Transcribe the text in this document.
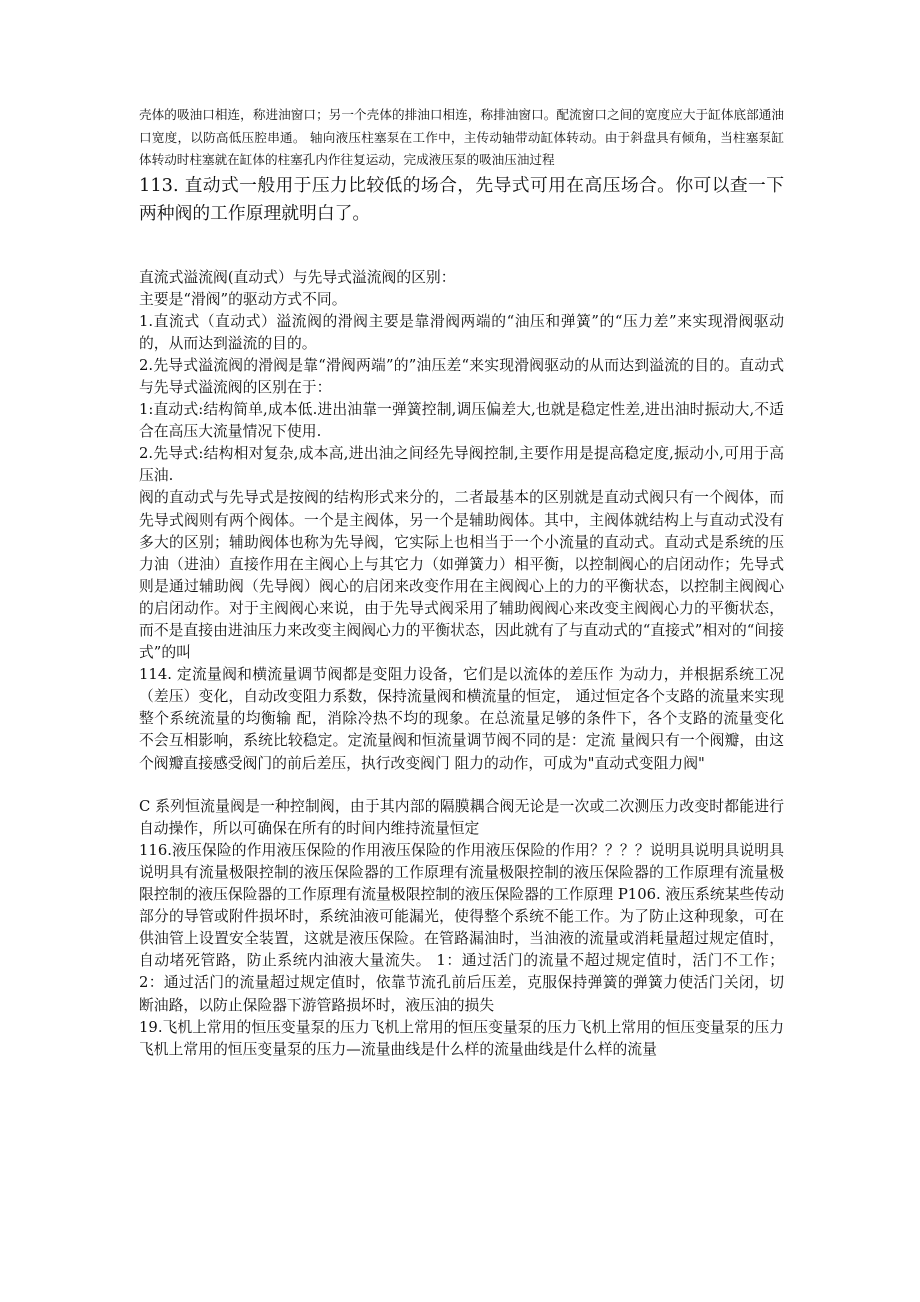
壳体的吸油口相连，称进油窗口；另一个壳体的排油口相连，称排油窗口。配流窗口之间的宽度应大于缸体底部通油口宽度，以防高低压腔串通。 轴向液压柱塞泵在工作中，主传动轴带动缸体转动。由于斜盘具有倾角，当柱塞泵缸体转动时柱塞就在缸体的柱塞孔内作往复运动，完成液压泵的吸油压油过程

113. 直动式一般用于压力比较低的场合，先导式可用在高压场合。你可以查一下两种阀的工作原理就明白了。

直流式溢流阀(直动式）与先导式溢流阀的区别：

主要是“滑阀”的驱动方式不同。

1.直流式（直动式）溢流阀的滑阀主要是靠滑阀两端的“油压和弹簧”的“压力差”来实现滑阀驱动的，从而达到溢流的目的。

2.先导式溢流阀的滑阀是靠“滑阀两端”的”油压差“来实现滑阀驱动的从而达到溢流的目的。直动式与先导式溢流阀的区别在于：

1:直动式:结构简单,成本低.进出油靠一弹簧控制,调压偏差大,也就是稳定性差,进出油时振动大,不适合在高压大流量情况下使用.

2.先导式:结构相对复杂,成本高,进出油之间经先导阀控制,主要作用是提高稳定度,振动小,可用于高压油.

阀的直动式与先导式是按阀的结构形式来分的，二者最基本的区别就是直动式阀只有一个阀体，而先导式阀则有两个阀体。一个是主阀体，另一个是辅助阀体。其中，主阀体就结构上与直动式没有多大的区别；辅助阀体也称为先导阀，它实际上也相当于一个小流量的直动式。直动式是系统的压力油（进油）直接作用在主阀心上与其它力（如弹簧力）相平衡，以控制阀心的启闭动作；先导式则是通过辅助阀（先导阀）阀心的启闭来改变作用在主阀阀心上的力的平衡状态，以控制主阀阀心的启闭动作。对于主阀阀心来说，由于先导式阀采用了辅助阀阀心来改变主阀阀心力的平衡状态，而不是直接由进油压力来改变主阀阀心力的平衡状态，因此就有了与直动式的“直接式”相对的“间接式”的叫

114. 定流量阀和横流量调节阀都是变阻力设备，它们是以流体的差压作 为动力，并根据系统工况（差压）变化，自动改变阻力系数，保持流量阀和横流量的恒定， 通过恒定各个支路的流量来实现整个系统流量的均衡输 配，消除冷热不均的现象。在总流量足够的条件下，各个支路的流量变化 不会互相影响，系统比较稳定。定流量阀和恒流量调节阀不同的是：定流 量阀只有一个阀瓣，由这个阀瓣直接感受阀门的前后差压，执行改变阀门 阻力的动作，可成为"直动式变阻力阀"

C 系列恒流量阀是一种控制阀，由于其内部的隔膜耦合阀无论是一次或二次测压力改变时都能进行自动操作，所以可确保在所有的时间内维持流量恒定

116.液压保险的作用液压保险的作用液压保险的作用液压保险的作用？？？？说明具说明具说明具说明具有流量极限控制的液压保险器的工作原理有流量极限控制的液压保险器的工作原理有流量极限控制的液压保险器的工作原理有流量极限控制的液压保险器的工作原理 P106. 液压系统某些传动部分的导管或附件损坏时，系统油液可能漏光，使得整个系统不能工作。为了防止这种现象，可在供油管上设置安全装置，这就是液压保险。在管路漏油时，当油液的流量或消耗量超过规定值时，自动堵死管路，防止系统内油液大量流失。 1：通过活门的流量不超过规定值时，活门不工作； 2：通过活门的流量超过规定值时，依靠节流孔前后压差，克服保持弹簧的弹簧力使活门关闭，切断油路，以防止保险器下游管路损坏时，液压油的损失

19.飞机上常用的恒压变量泵的压力飞机上常用的恒压变量泵的压力飞机上常用的恒压变量泵的压力飞机上常用的恒压变量泵的压力—流量曲线是什么样的流量曲线是什么样的流量
